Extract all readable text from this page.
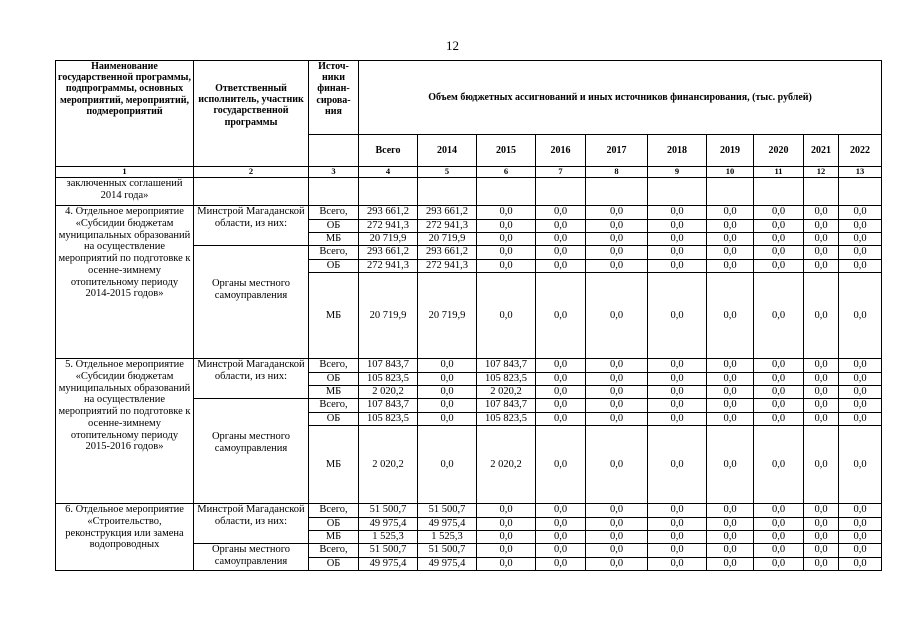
12
Наименование государственной программы, подпрограммы, основных мероприятий, мероприятий, подмероприятий	Ответственный исполнитель, участник государственной программы	Источ-ники финан-сирова-ния	Объем бюджетных ассигнований и иных источников финансирования, (тыс. рублей)									
			Всего	2014	2015	2016	2017	2018	2019	2020	2021	2022
1	2	3	4	5	6	7	8	9	10	11	12	13
заключенных соглашений 2014 года»												
4. Отдельное мероприятие «Субсидии бюджетам муниципальных образований на осуществление мероприятий по подготовке к осенне-зимнему отопительному периоду 2014-2015 годов»	Минстрой Магаданской области, из них:	Всего,	293 661,2	293 661,2	0,0	0,0	0,0	0,0	0,0	0,0	0,0	0,0
		ОБ	272 941,3	272 941,3	0,0	0,0	0,0	0,0	0,0	0,0	0,0	0,0
		МБ	20 719,9	20 719,9	0,0	0,0	0,0	0,0	0,0	0,0	0,0	0,0
	Органы местного самоуправления	Всего,	293 661,2	293 661,2	0,0	0,0	0,0	0,0	0,0	0,0	0,0	0,0
		ОБ	272 941,3	272 941,3	0,0	0,0	0,0	0,0	0,0	0,0	0,0	0,0
		МБ	20 719,9	20 719,9	0,0	0,0	0,0	0,0	0,0	0,0	0,0	0,0
5. Отдельное мероприятие «Субсидии бюджетам муниципальных образований на осуществление мероприятий по подготовке к осенне-зимнему отопительному периоду 2015-2016 годов»	Минстрой Магаданской области, из них:	Всего,	107 843,7	0,0	107 843,7	0,0	0,0	0,0	0,0	0,0	0,0	0,0
		ОБ	105 823,5	0,0	105 823,5	0,0	0,0	0,0	0,0	0,0	0,0	0,0
		МБ	2 020,2	0,0	2 020,2	0,0	0,0	0,0	0,0	0,0	0,0	0,0
	Органы местного самоуправления	Всего,	107 843,7	0,0	107 843,7	0,0	0,0	0,0	0,0	0,0	0,0	0,0
		ОБ	105 823,5	0,0	105 823,5	0,0	0,0	0,0	0,0	0,0	0,0	0,0
		МБ	2 020,2	0,0	2 020,2	0,0	0,0	0,0	0,0	0,0	0,0	0,0
6. Отдельное мероприятие «Строительство, реконструкция или замена водопроводных	Минстрой Магаданской области, из них:	Всего,	51 500,7	51 500,7	0,0	0,0	0,0	0,0	0,0	0,0	0,0	0,0
		ОБ	49 975,4	49 975,4	0,0	0,0	0,0	0,0	0,0	0,0	0,0	0,0
		МБ	1 525,3	1 525,3	0,0	0,0	0,0	0,0	0,0	0,0	0,0	0,0
	Органы местного самоуправления	Всего,	51 500,7	51 500,7	0,0	0,0	0,0	0,0	0,0	0,0	0,0	0,0
		ОБ	49 975,4	49 975,4	0,0	0,0	0,0	0,0	0,0	0,0	0,0	0,0
